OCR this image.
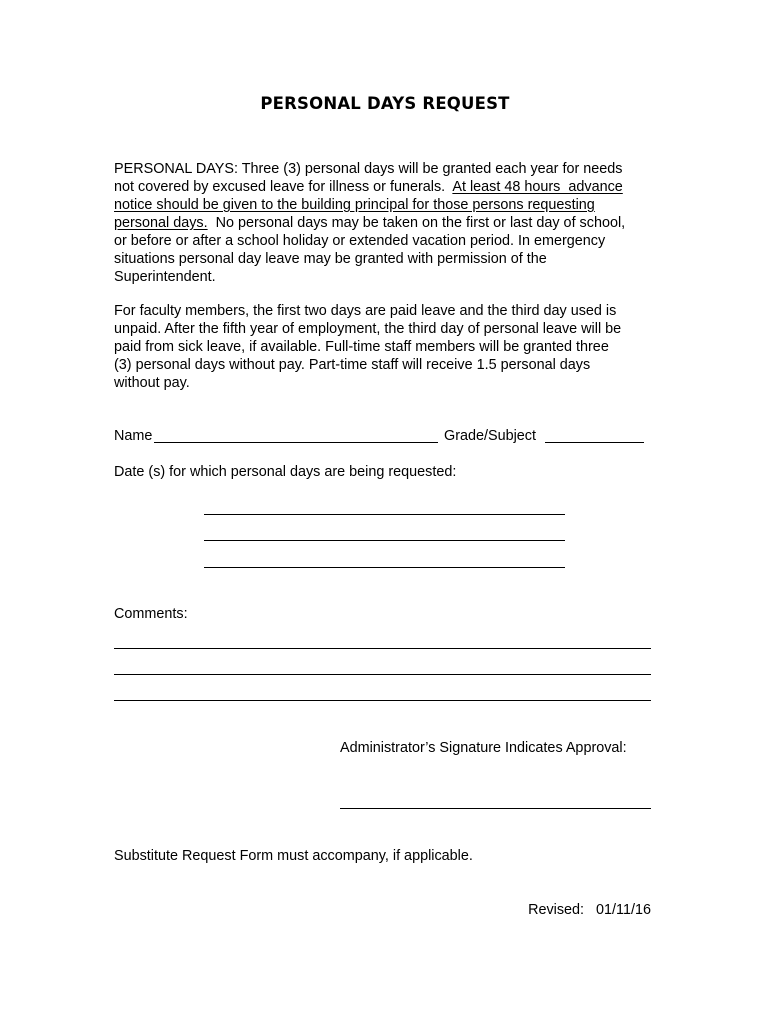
PERSONAL DAYS REQUEST
PERSONAL DAYS: Three (3) personal days will be granted each year for needs
not covered by excused leave for illness or funerals.  At least 48 hours  advance
notice should be given to the building principal for those persons requesting
personal days.  No personal days may be taken on the first or last day of school,
or before or after a school holiday or extended vacation period. In emergency
situations personal day leave may be granted with permission of the
Superintendent.
For faculty members, the first two days are paid leave and the third day used is
unpaid. After the fifth year of employment, the third day of personal leave will be
paid from sick leave, if available. Full-time staff members will be granted three
(3) personal days without pay. Part-time staff will receive 1.5 personal days
without pay.
Name	Grade/Subject
Date (s) for which personal days are being requested:
Comments:
Administrator’s Signature Indicates Approval:
Substitute Request Form must accompany, if applicable.
Revised:   01/11/16
